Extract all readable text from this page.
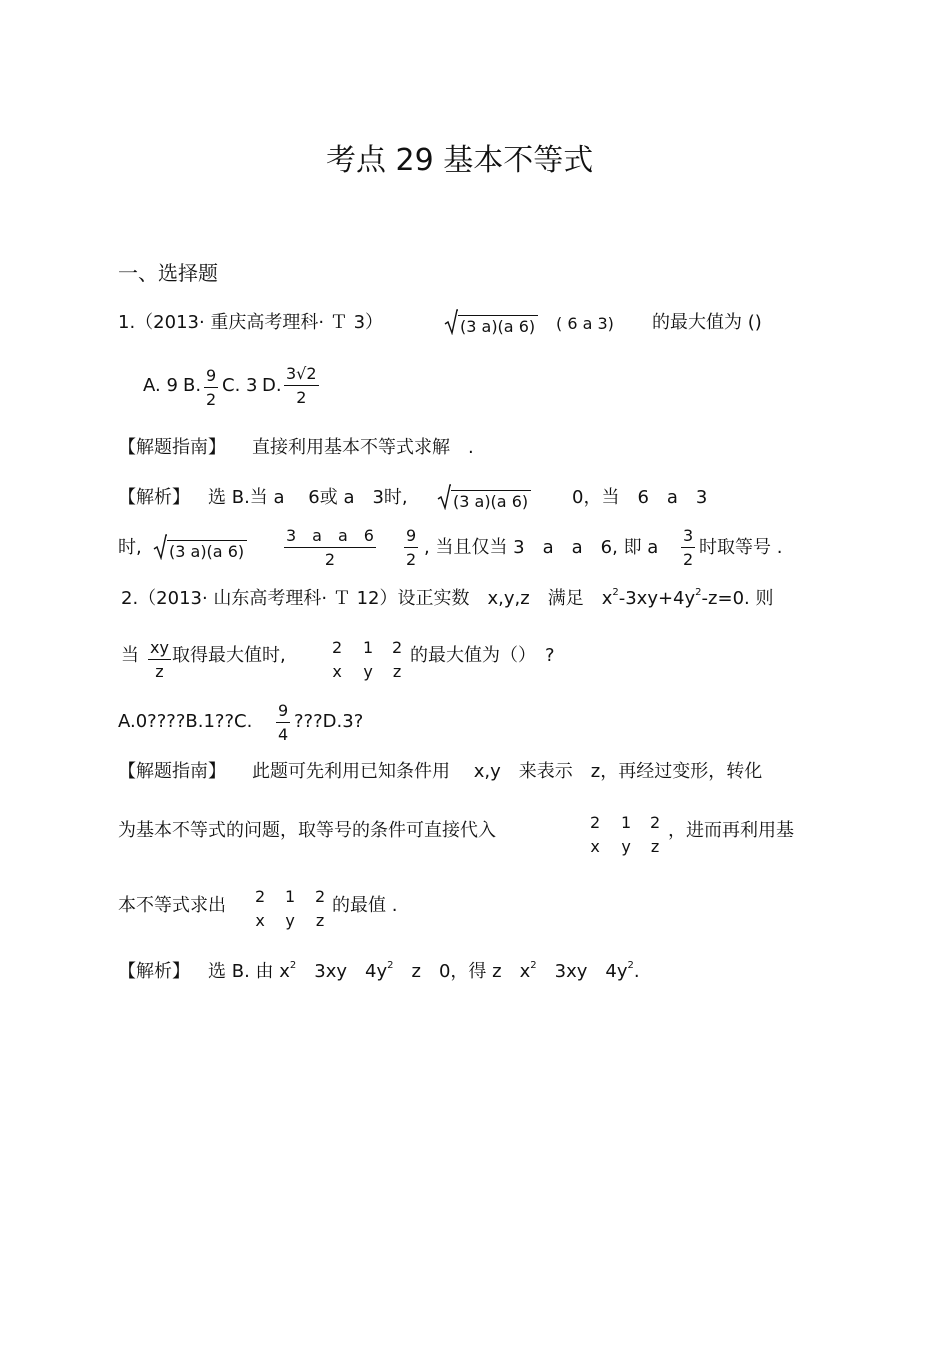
考点 29 基本不等式
一、选择题
1.（2013· 重庆高考理科· Ｔ 3）	(3 a)(a 6) ( 6 a 3) 的最大值为 ()
A. 9 B. 9
2
C. 3 D.
3√2
2
【解题指南】 直接利用基本不等式求解　.
【解析】 选 B.当 a　 6或 a　3时,	(3 a)(a 6) 0，当　6　a　3
时, (3 a)(a 6)
3　a　a　6
2
9
2
, 当且仅当 3　a　a　6, 即 a
3
2
时取等号 .
2.（2013· 山东高考理科· Ｔ 12）设正实数　x,y,z　满足　$x^2-3xy+4y^2-z=0$. 则
当 xy
z
取得最大值时,	2
x
1
y
2
z
的最大值为（）　?
A.0????B.1??C.
9
4
???D.3?
【解题指南】 此题可先利用已知条件用　 x,y　来表示　z，再经过变形，转化
为基本不等式的问题，取等号的条件可直接代入	2
x
1
y
2
z
，进而再利用基
本不等式求出 2
x
1
y
2
z
的最值 .
【解析】 选 B. 由 $x^2$　3xy　$4y^2$　z　0，得 z　$x^2$　3xy　$4y^2$.
